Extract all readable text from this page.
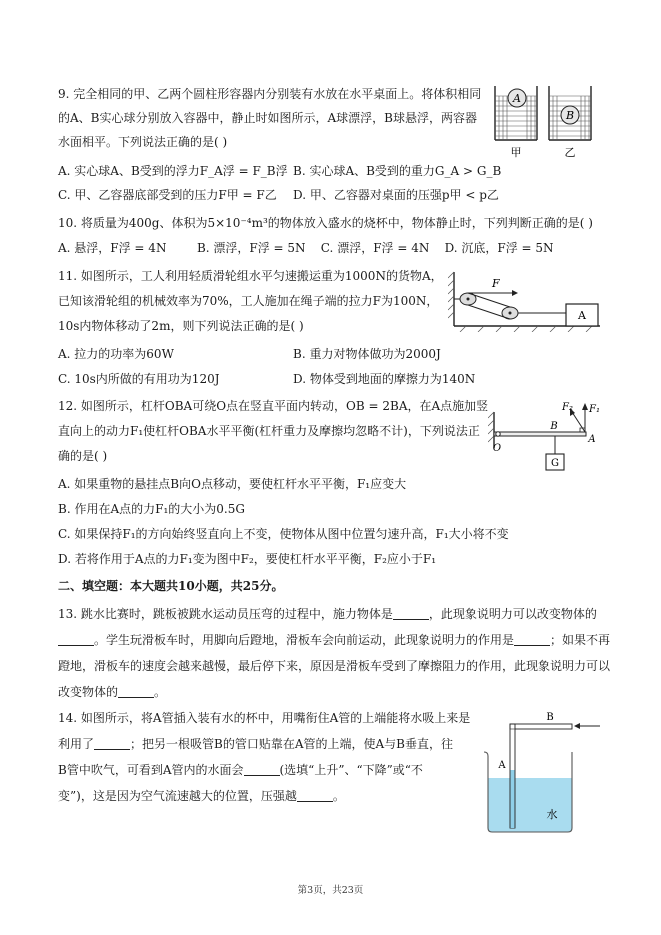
9. 完全相同的甲、乙两个圆柱形容器内分别装有水放在水平桌面上。将体积相同
的A、B实心球分别放入容器中，静止时如图所示，A球漂浮，B球悬浮，两容器
水面相平。下列说法正确的是( )
A
B
甲	乙
A. 实心球A、B受到的浮力F_A浮 = F_B浮 B. 实心球A、B受到的重力G_A > G_B
C. 甲、乙容器底部受到的压力F甲 = F乙 D. 甲、乙容器对桌面的压强p甲 < p乙
10. 将质量为400g、体积为5×10⁻⁴m³的物体放入盛水的烧杯中，物体静止时，下列判断正确的是( )
A. 悬浮，F浮 = 4N        B. 漂浮，F浮 = 5N    C. 漂浮，F浮 = 4N    D. 沉底，F浮 = 5N
11. 如图所示，工人利用轻质滑轮组水平匀速搬运重为1000N的货物A，
已知该滑轮组的机械效率为70%，工人施加在绳子端的拉力F为100N，
10s内物体移动了2m，则下列说法正确的是( )
F
A
A. 拉力的功率为60W	B. 重力对物体做功为2000J
C. 10s内所做的有用功为120J	D. 物体受到地面的摩擦力为140N
12. 如图所示，杠杆OBA可绕O点在竖直平面内转动，OB = 2BA，在A点施加竖
直向上的动力F₁使杠杆OBA水平平衡(杠杆重力及摩擦均忽略不计)，下列说法正
确的是( )
O
B
A
G
F₁
F₂
A. 如果重物的悬挂点B向O点移动，要使杠杆水平平衡，F₁应变大
B. 作用在A点的力F₁的大小为0.5G
C. 如果保持F₁的方向始终竖直向上不变，使物体从图中位置匀速升高，F₁大小将不变
D. 若将作用于A点的力F₁变为图中F₂，要使杠杆水平平衡，F₂应小于F₁
二、填空题：本大题共10小题，共25分。
13. 跳水比赛时，跳板被跳水运动员压弯的过程中，施力物体是	，此现象说明力可以改变物体的
。学生玩滑板车时，用脚向后蹬地，滑板车会向前运动，此现象说明力的作用是	；如果不再
蹬地，滑板车的速度会越来越慢，最后停下来，原因是滑板车受到了摩擦阻力的作用，此现象说明力可以
改变物体的	。
14. 如图所示，将A管插入装有水的杯中，用嘴衔住A管的上端能将水吸上来是
利用了	；把另一根吸管B的管口贴靠在A管的上端，使A与B垂直，往
B管中吹气，可看到A管内的水面会	(选填“上升”、“下降”或“不
变”)，这是因为空气流速越大的位置，压强越	。
B
A
水
第3页，共23页
